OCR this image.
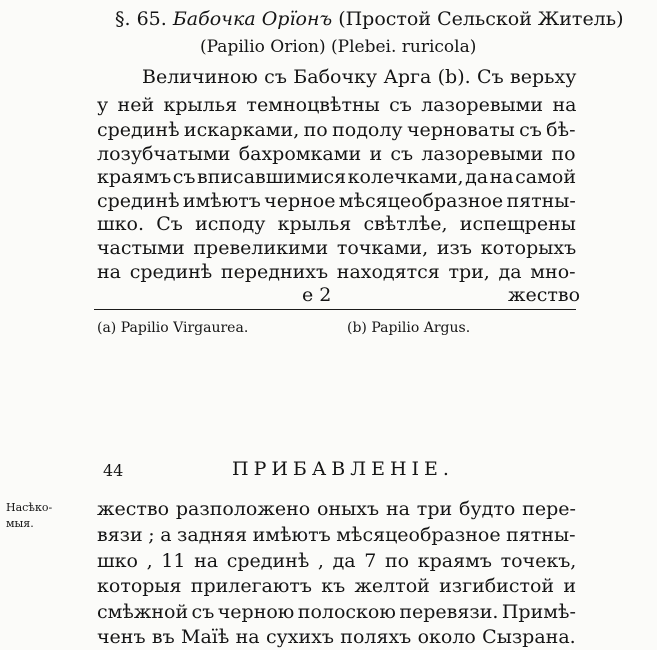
§. 65. Бабочка Орїонъ (Простой Сельской Житель)
(Papilio Orion) (Plebei. ruricola)
Величиною съ Бабочку Арга (b). Съ верьху
у ней крылья темноцвѣтны съ лазоревыми на
срединѣ искарками, по подолу черноваты съ бѣ-
лозубчатыми бахромками и съ лазоревыми по
краямъ съ вписавшимися колечками, да на самой
срединѣ имѣютъ черное мѣсяцеобразное пятны-
шко. Съ исподу крылья свѣтлѣе, испещрены
частыми превеликими точками, изъ которыхъ
на срединѣ переднихъ находятся три, да мно-
е 2	жество
(a) Papilio Virgaurea.	(b) Papilio Argus.
44	ПРИБАВЛЕНIЕ.
Насѣко-
мыя.
жество разположено оныхъ на три будто пере-
вязи ; а задняя имѣютъ мѣсяцеобразное пятны-
шко , 11 на срединѣ , да 7 по краямъ точекъ,
которыя прилегаютъ къ желтой изгибистой и
смѣжной съ черною полоскою перевязи. Примѣ-
ченъ въ Маїѣ на сухихъ поляхъ около Сызрана.
